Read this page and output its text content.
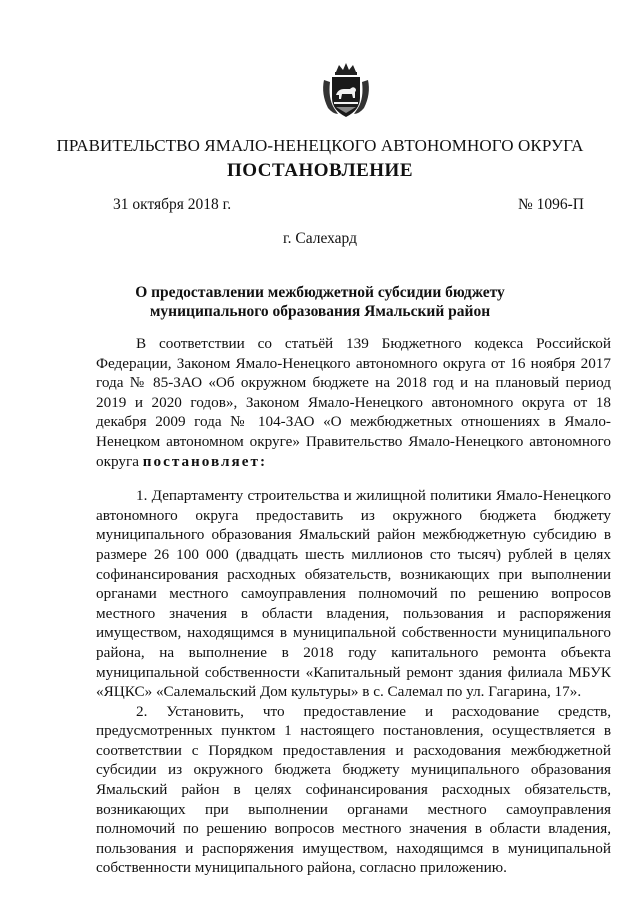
ПРАВИТЕЛЬСТВО ЯМАЛО-НЕНЕЦКОГО АВТОНОМНОГО ОКРУГА
ПОСТАНОВЛЕНИЕ
31 октября 2018 г.	№ 1096-П
г. Салехард
О предоставлении межбюджетной субсидии бюджету
муниципального образования Ямальский район

В соответствии со статьёй 139 Бюджетного кодекса Российской Федерации, Законом Ямало-Ненецкого автономного округа от 16 ноября 2017 года № 85-ЗАО «Об окружном бюджете на 2018 год и на плановый период 2019 и 2020 годов», Законом Ямало-Ненецкого автономного округа от 18 декабря 2009 года № 104-ЗАО «О межбюджетных отношениях в Ямало-Ненецком автономном округе» Правительство Ямало-Ненецкого автономного округа постановляет:

1. Департаменту строительства и жилищной политики Ямало-Ненецкого автономного округа предоставить из окружного бюджета бюджету муниципального образования Ямальский район межбюджетную субсидию в размере 26 100 000 (двадцать шесть миллионов сто тысяч) рублей в целях софинансирования расходных обязательств, возникающих при выполнении органами местного самоуправления полномочий по решению вопросов местного значения в области владения, пользования и распоряжения имуществом, находящимся в муниципальной собственности муниципального района, на выполнение в 2018 году капитального ремонта объекта муниципальной собственности «Капитальный ремонт здания филиала МБУК «ЯЦКС» «Салемальский Дом культуры» в с. Салемал по ул. Гагарина, 17».

2. Установить, что предоставление и расходование средств, предусмотренных пунктом 1 настоящего постановления, осуществляется в соответствии с Порядком предоставления и расходования межбюджетной субсидии из окружного бюджета бюджету муниципального образования Ямальский район в целях софинансирования расходных обязательств, возникающих при выполнении органами местного самоуправления полномочий по решению вопросов местного значения в области владения, пользования и распоряжения имуществом, находящимся в муниципальной собственности муниципального района, согласно приложению.
